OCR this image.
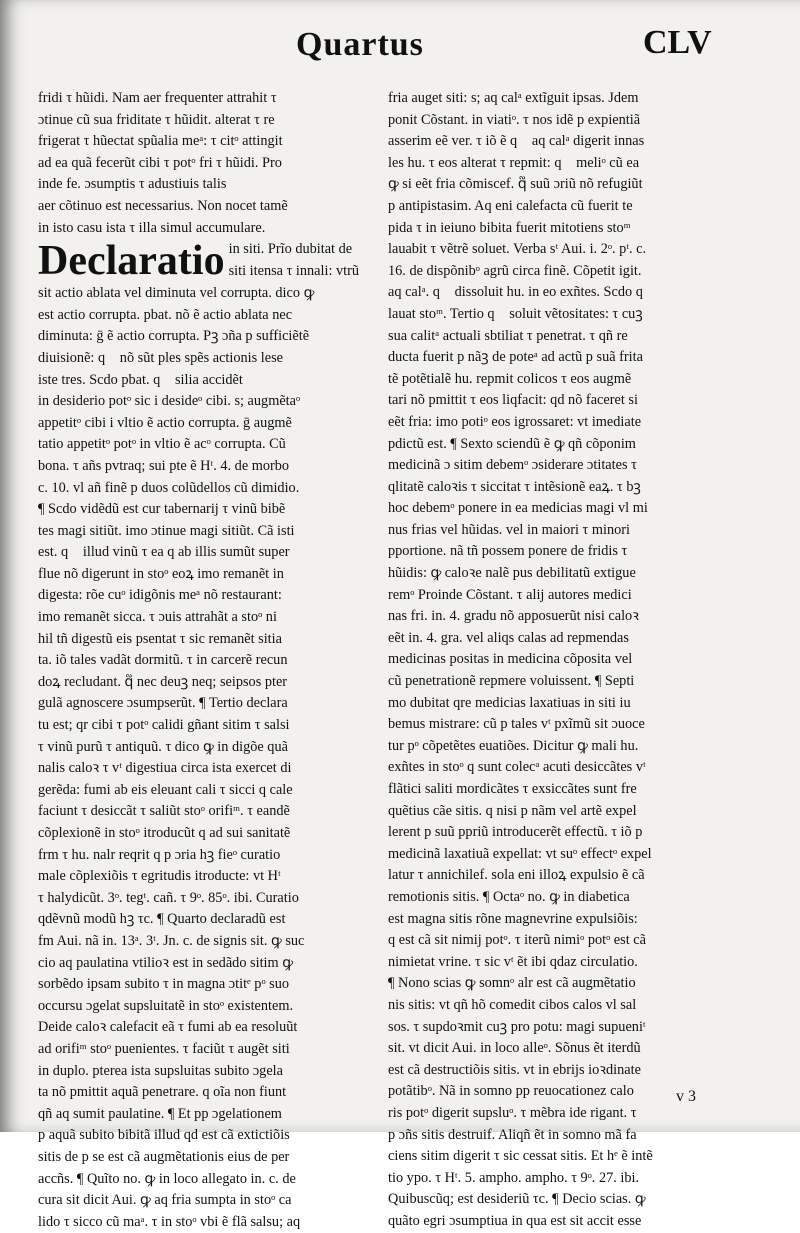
Quartus	CLV
fridi τ hũidi. Nam aer frequenter attrahit τ
ɔtinue cũ sua friditate τ hũidit. alterat τ re
frigerat τ hũectat spũalia meᵃ: τ citᵒ attingit
ad ea quã fecerũt cibi τ potᵒ fri τ hũidi. Pro
inde fe. ɔsumptis τ adustiuis talis
aer cõtinuo est necessarius. Non nocet tamẽ
in isto casu ista τ illa simul accumulare.
Declaratio in siti. Prĩo dubitat de
siti itensa τ innali: vtrũ
sit actio ablata vel diminuta vel corrupta. dico ꝙ
est actio corrupta. pbat. nõ ẽ actio ablata nec
diminuta: ḡ ẽ actio corrupta. Pꝫ ɔña p sufficiẽtẽ
diuisionẽ: q᷑ nõ sũt ples spẽs actionis lese ꝙ
iste tres. Scdo pbat. q᷑ silia accidẽt
in desiderio potᵒ sic i desideᵒ cibi. s; augmẽtaᵒ
appetitᵒ cibi i vltio ẽ actio corrupta. ḡ augmẽ
tatio appetitᵒ potᵒ in vltio ẽ acᵒ corrupta. Cũ
bona. τ añs pvtraq; sui pte ẽ Hᵗ. 4. de morbo
c. 10. vl añ finẽ p duos colũdellos cũ dimidio.
¶ Scdo vidẽdũ est cur tabernarij τ vinũ bibẽ
tes magi sitiũt. imo ɔtinue magi sitiũt. Cã isti
est. q᷑ illud vinũ τ ea q ab illis sumũt super
flue nõ digerunt in stoᵒ eoꝝ imo remanẽt in
digesta: rõe cuᵒ idigõnis meᵃ nõ restaurant:
imo remanẽt sicca. τ ɔuis attrahãt a stoᵒ ni
hil tñ digestũ eis psentat τ sic remanẽt sitia
ta. iõ tales vadãt dormitũ. τ in carcerẽ recun
doꝝ recludant. q᷑ nec deuꝫ neq; seipsos pter
gulã agnoscere ɔsumpserũt. ¶ Tertio declara
tu est; qr cibi τ potᵒ calidi gñant sitim τ salsi
τ vinũ purũ τ antiquũ. τ dico ꝙ in digõe quã
nalis caloꝛ τ vᵗ digestiua circa ista exercet di
gerẽda: fumi ab eis eleuant cali τ sicci q cale
faciunt τ desiccãt τ saliũt stoᵒ orifiᵐ. τ eandẽ
cõplexionẽ in stoᵒ itroducũt q ad sui sanitatẽ
frm τ hu. nalr reqrit q p ɔria hꝫ fieᵒ curatio
male cõplexiõis τ egritudis itroducte: vt Hᵗ
τ halydicũt. 3ᵒ. tegᵗ. cañ. τ 9ᵒ. 85ᵒ. ibi. Curatio
qdẽvnũ modũ hꝫ τc. ¶ Quarto declaradũ est
fm Aui. nã in. 13ᵃ. 3ᵗ. Jn. c. de signis sit. ꝙ suc
cio aq paulatina vtilioꝛ est in sedãdo sitim ꝙ
sorbẽdo ipsam subito τ in magna ɔtitᵉ pᵒ suo
occursu ɔgelat supsluitatẽ in stoᵒ existentem.
Deide caloꝛ calefacit eã τ fumi ab ea resoluũt
ad orifiᵐ stoᵒ puenientes. τ faciũt τ augẽt siti
in duplo. pterea ista supsluitas subito ɔgela
ta nõ pmittit aquã penetrare. q oĩa non fiunt
qñ aq sumit paulatine. ¶ Et pp ɔgelationem
p aquã subito bibitã illud qd est cã extictiõis
sitis de p se est cã augmẽtationis eius de per
accñs. ¶ Quĩto no. ꝙ in loco allegato in. c. de
cura sit dicit Aui. ꝙ aq fria sumpta in stoᵒ ca
lido τ sicco cũ maᵃ. τ in stoᵒ vbi ẽ flã salsu; aq
fria auget siti: s; aq calᵃ extĩguit ipsas. Jdem
ponit Cõstant. in viatiᵒ. τ nos idẽ p expientiã
asserim eẽ ver. τ iõ ẽ q᷑ aq calᵃ digerit innas
les hu. τ eos alterat τ repmit: q᷑ meliᵒ cũ ea
ꝙ si eẽt fria cõmiscef. q᷑ suũ ɔriũ nõ refugiũt
p antipistasim. Aq eni calefacta cũ fuerit te
pida τ in ieiuno bibita fuerit mitotiens stoᵐ
lauabit τ vẽtrẽ soluet. Verba sᵗ Aui. i. 2ᵒ. pᵗ. c.
16. de dispõnibᵒ agrũ circa finẽ. Cõpetit igit.
aq calᵃ. q᷑ dissoluit hu. in eo exñtes. Scdo q᷑
lauat stoᵐ. Tertio q᷑ soluit vẽtositates: τ cuꝫ
sua calitᵃ actuali sbtiliat τ penetrat. τ qñ re
ducta fuerit p nãꝫ de poteᵃ ad actũ p suã frita
tẽ potẽtialẽ hu. repmit colicos τ eos augmẽ
tari nõ pmittit τ eos liqfacit: qd nõ faceret si
eẽt fria: imo potiᵒ eos igrossaret: vt imediate
pdictũ est. ¶ Sexto sciendũ ẽ ꝙ qñ cõponim
medicinã ɔ sitim debemᵒ ɔsiderare ɔtitates τ
qlitatẽ caloꝛis τ siccitat τ intẽsionẽ eaꝝ. τ bꝫ
hoc debemᵒ ponere in ea medicias magi vl mi
nus frias vel hũidas. vel in maiori τ minori
pportione. nã tñ possem ponere de fridis τ
hũidis: ꝙ caloꝛe nalẽ pus debilitatũ extigue
remᵒ Proinde Cõstant. τ alij autores medici
nas fri. in. 4. gradu nõ apposuerũt nisi caloꝛ
eẽt in. 4. gra. vel aliqs calas ad repmendas
medicinas positas in medicina cõposita vel
cũ penetrationẽ repmere voluissent. ¶ Septi
mo dubitat qre medicias laxatiuas in siti iu
bemus mistrare: cũ p tales vᵗ pxĩmũ sit ɔuoce
tur pᵒ cõpetẽtes euatiões. Dicitur ꝙ mali hu.
exñtes in stoᵒ q sunt colecᵃ acuti desiccãtes vᵗ
flãtici saliti mordicãtes τ exsiccãtes sunt fre
quẽtius cãe sitis. q nisi p nãm vel artẽ expel
lerent p suũ ppriũ introducerẽt effectũ. τ iõ p
medicinã laxatiuã expellat: vt suᵒ effectᵒ expel
latur τ annichilef. sola eni illoꝝ expulsio ẽ cã
remotionis sitis. ¶ Octaᵒ no. ꝙ in diabetica
est magna sitis rõne magnevrine expulsiõis:
q est cã sit nimij potᵒ. τ iterũ nimiᵒ potᵒ est cã
nimietat vrine. τ sic vᵗ ẽt ibi qdaz circulatio.
¶ Nono scias ꝙ somnᵒ alr est cã augmẽtatio
nis sitis: vt qñ hõ comedit cibos calos vl sal
sos. τ supdoꝛmit cuꝫ pro potu: magi supueniᵗ
sit. vt dicit Aui. in loco alleᵒ. Sõnus ẽt iterdũ
est cã destructiõis sitis. vt in ebrijs ioꝛdinate
potãtibᵒ. Nã in somno pp reuocationez calo
ris potᵒ digerit supsluᵒ. τ mẽbra ide rigant. τ
p ɔñs sitis destruif. Aliqñ ẽt in somno mã fa
ciens sitim digerit τ sic cessat sitis. Et hᵉ ẽ intẽ
tio ypo. τ Hᵗ. 5. ampho. ampho. τ 9ᵒ. 27. ibi.
Quibuscũq; est desideriũ τc. ¶ Decio scias. ꝙ
quãto egri ɔsumptiua in qua est sit accit esse
v 3
